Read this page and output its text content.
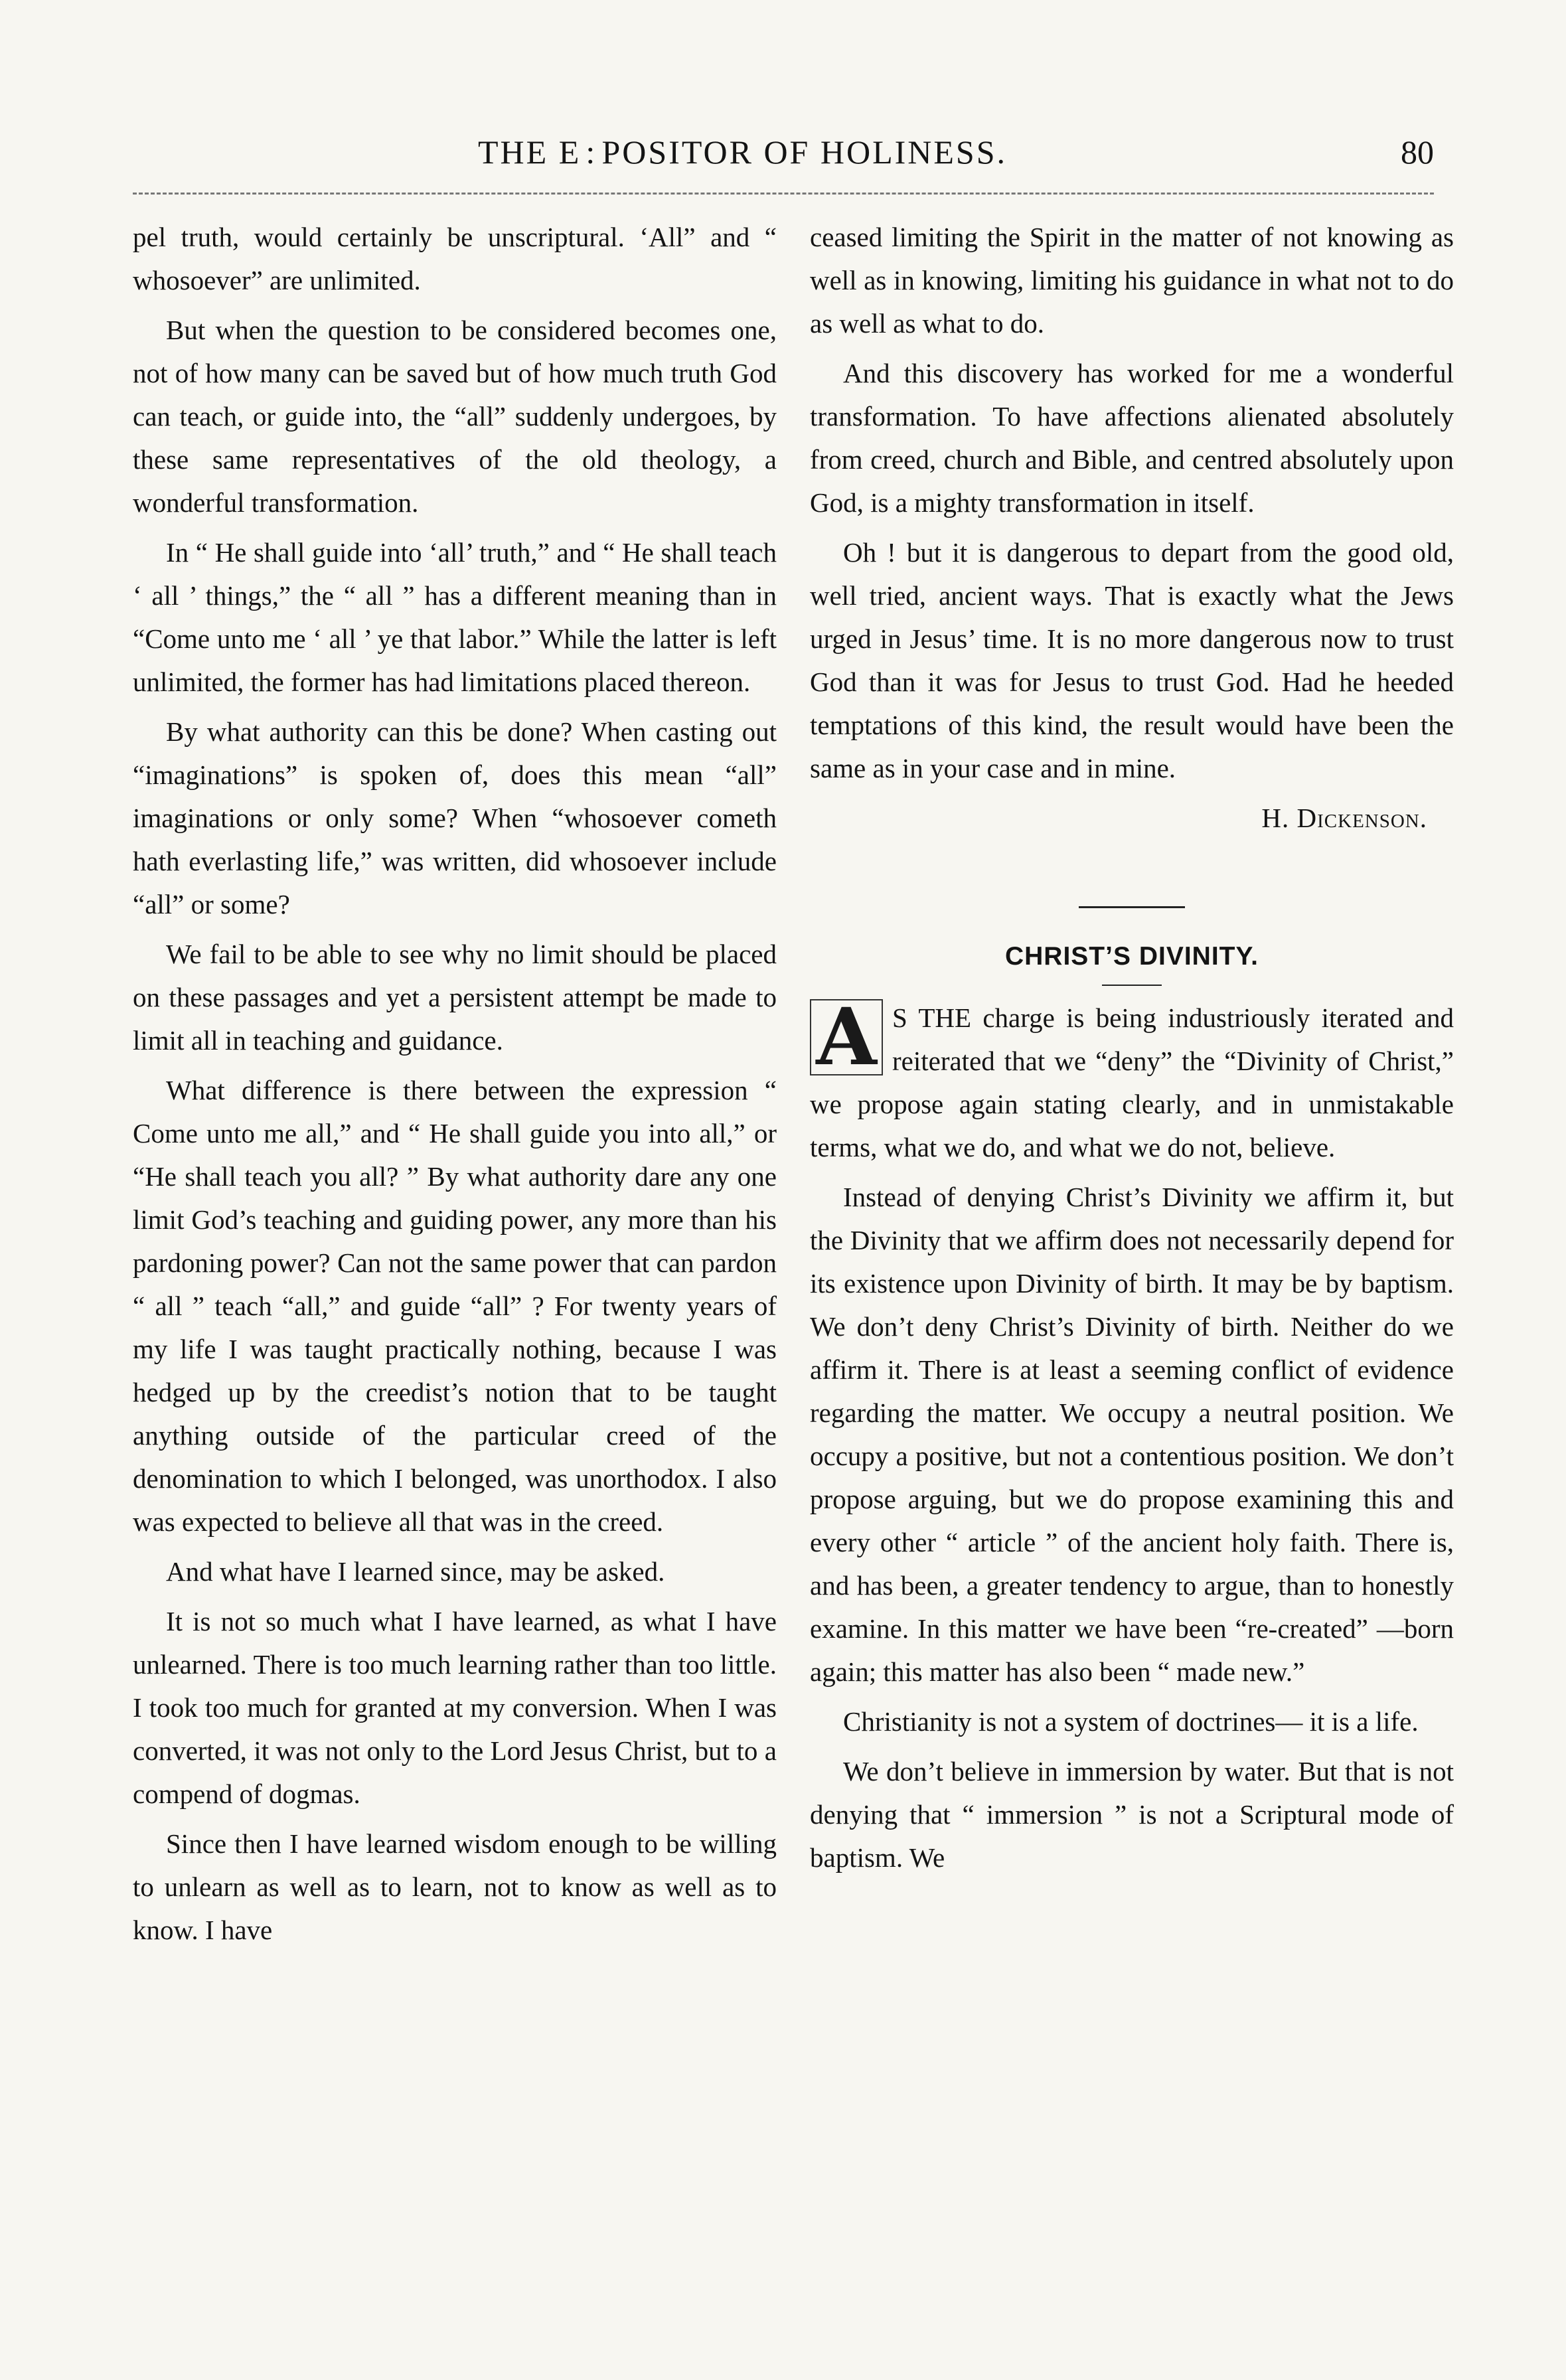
THE E : POSITOR OF HOLINESS.	80

pel truth, would certainly be unscriptural. ‘All” and “ whosoever” are unlimited.

But when the question to be considered becomes one, not of how many can be saved but of how much truth God can teach, or guide into, the “all” suddenly undergoes, by these same representatives of the old theology, a wonderful transformation.

In “ He shall guide into ‘all’ truth,” and “ He shall teach ‘ all ’ things,” the “ all ” has a different meaning than in “Come unto me ‘ all ’ ye that labor.” While the latter is left unlimited, the former has had limitations placed thereon.

By what authority can this be done? When casting out “imaginations” is spoken of, does this mean “all” imaginations or only some? When “whosoever cometh hath everlasting life,” was written, did whosoever include “all” or some?

We fail to be able to see why no limit should be placed on these passages and yet a persistent attempt be made to limit all in teaching and guidance.

What difference is there between the expression “ Come unto me all,” and “ He shall guide you into all,” or “He shall teach you all? ” By what authority dare any one limit God’s teaching and guiding power, any more than his pardoning power? Can not the same power that can pardon “ all ” teach “all,” and guide “all” ? For twenty years of my life I was taught practically nothing, because I was hedged up by the creedist’s notion that to be taught anything outside of the particular creed of the denomination to which I belonged, was unorthodox. I also was expected to believe all that was in the creed.

And what have I learned since, may be asked.

It is not so much what I have learned, as what I have unlearned. There is too much learning rather than too little. I took too much for granted at my conversion. When I was converted, it was not only to the Lord Jesus Christ, but to a compend of dogmas.

Since then I have learned wisdom enough to be willing to unlearn as well as to learn, not to know as well as to know. I have

ceased limiting the Spirit in the matter of not knowing as well as in knowing, limiting his guidance in what not to do as well as what to do.

And this discovery has worked for me a wonderful transformation. To have affections alienated absolutely from creed, church and Bible, and centred absolutely upon God, is a mighty transformation in itself.

Oh ! but it is dangerous to depart from the good old, well tried, ancient ways. That is exactly what the Jews urged in Jesus’ time. It is no more dangerous now to trust God than it was for Jesus to trust God. Had he heeded temptations of this kind, the result would have been the same as in your case and in mine.

H. Dickenson.

CHRIST’S DIVINITY.
A S THE charge is being industriously iterated and reiterated that we “deny” the “Divinity of Christ,” we propose again stating clearly, and in unmistakable terms, what we do, and what we do not, believe.

Instead of denying Christ’s Divinity we affirm it, but the Divinity that we affirm does not necessarily depend for its existence upon Divinity of birth. It may be by baptism. We don’t deny Christ’s Divinity of birth. Neither do we affirm it. There is at least a seeming conflict of evidence regarding the matter. We occupy a neutral position. We occupy a positive, but not a contentious position. We don’t propose arguing, but we do propose examining this and every other “ article ” of the ancient holy faith. There is, and has been, a greater tendency to argue, than to honestly examine. In this matter we have been “re-created” —born again; this matter has also been “ made new.”

Christianity is not a system of doctrines— it is a life.

We don’t believe in immersion by water. But that is not denying that “ immersion ” is not a Scriptural mode of baptism. We
